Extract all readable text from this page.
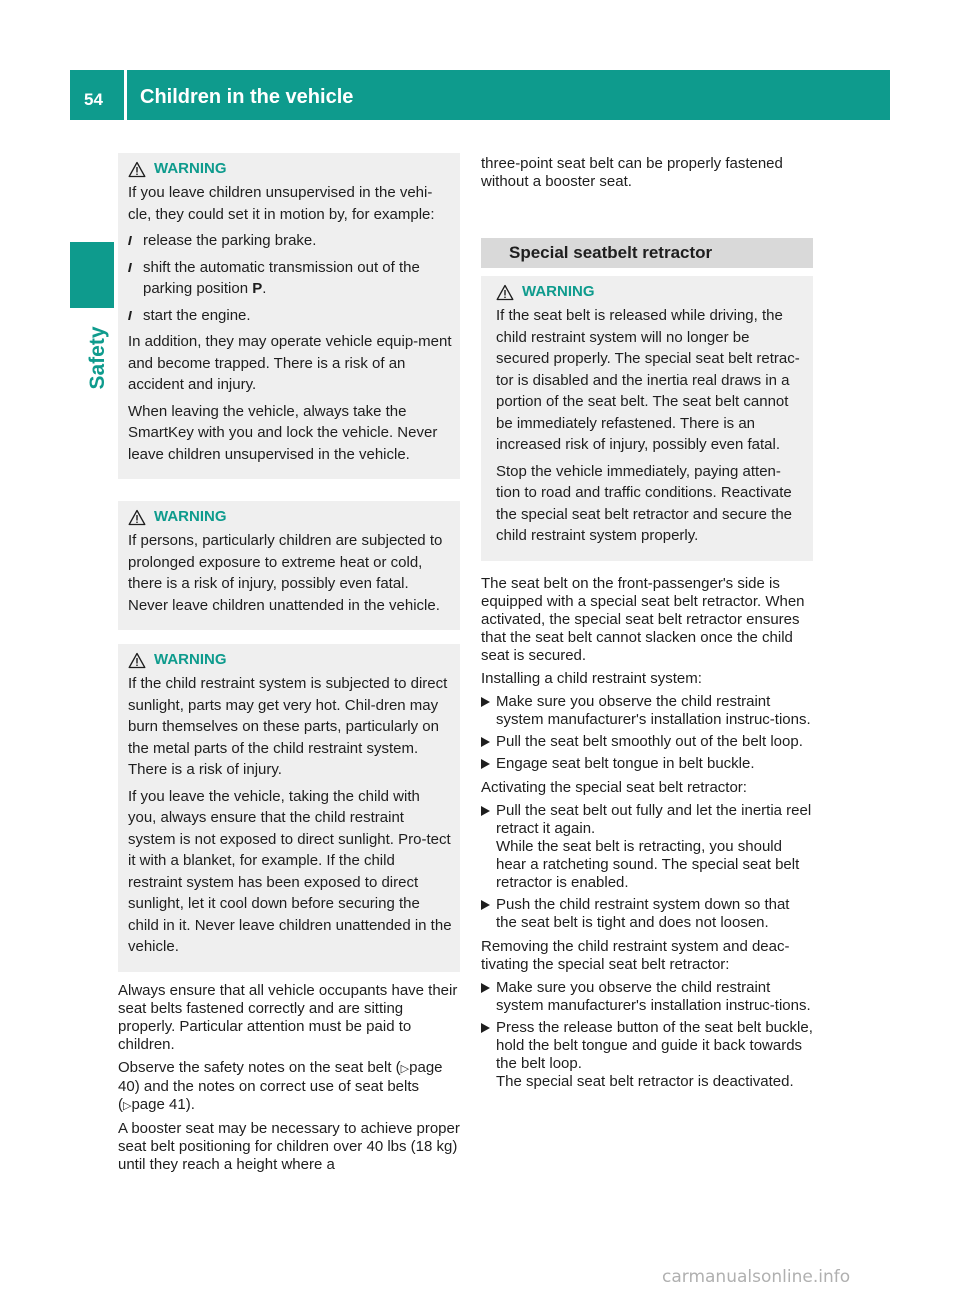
54 Children in the vehicle
Safety
WARNING

If you leave children unsupervised in the vehi-cle, they could set it in motion by, for example:

release the parking brake.
shift the automatic transmission out of the parking position P.
start the engine.

In addition, they may operate vehicle equip-ment and become trapped. There is a risk of an accident and injury.

When leaving the vehicle, always take the SmartKey with you and lock the vehicle. Never leave children unsupervised in the vehicle.

WARNING

If persons, particularly children are subjected to prolonged exposure to extreme heat or cold, there is a risk of injury, possibly even fatal. Never leave children unattended in the vehicle.

WARNING

If the child restraint system is subjected to direct sunlight, parts may get very hot. Chil-dren may burn themselves on these parts, particularly on the metal parts of the child restraint system. There is a risk of injury.

If you leave the vehicle, taking the child with you, always ensure that the child restraint system is not exposed to direct sunlight. Pro-tect it with a blanket, for example. If the child restraint system has been exposed to direct sunlight, let it cool down before securing the child in it. Never leave children unattended in the vehicle.

Always ensure that all vehicle occupants have their seat belts fastened correctly and are sitting properly. Particular attention must be paid to children.

Observe the safety notes on the seat belt (▷page 40) and the notes on correct use of seat belts (▷page 41).

A booster seat may be necessary to achieve proper seat belt positioning for children over 40 lbs (18 kg) until they reach a height where a

three-point seat belt can be properly fastened without a booster seat.

Special seatbelt retractor
WARNING

If the seat belt is released while driving, the child restraint system will no longer be secured properly. The special seat belt retrac-tor is disabled and the inertia real draws in a portion of the seat belt. The seat belt cannot be immediately refastened. There is an increased risk of injury, possibly even fatal.

Stop the vehicle immediately, paying atten-tion to road and traffic conditions. Reactivate the special seat belt retractor and secure the child restraint system properly.

The seat belt on the front-passenger's side is equipped with a special seat belt retractor. When activated, the special seat belt retractor ensures that the seat belt cannot slacken once the child seat is secured.

Installing a child restraint system:

Make sure you observe the child restraint system manufacturer's installation instruc-tions.
Pull the seat belt smoothly out of the belt loop.
Engage seat belt tongue in belt buckle.

Activating the special seat belt retractor:

Pull the seat belt out fully and let the inertia reel retract it again.
While the seat belt is retracting, you should hear a ratcheting sound. The special seat belt retractor is enabled.
Push the child restraint system down so that the seat belt is tight and does not loosen.

Removing the child restraint system and deac-tivating the special seat belt retractor:

Make sure you observe the child restraint system manufacturer's installation instruc-tions.
Press the release button of the seat belt buckle, hold the belt tongue and guide it back towards the belt loop.
The special seat belt retractor is deactivated.
carmanualsonline.info
